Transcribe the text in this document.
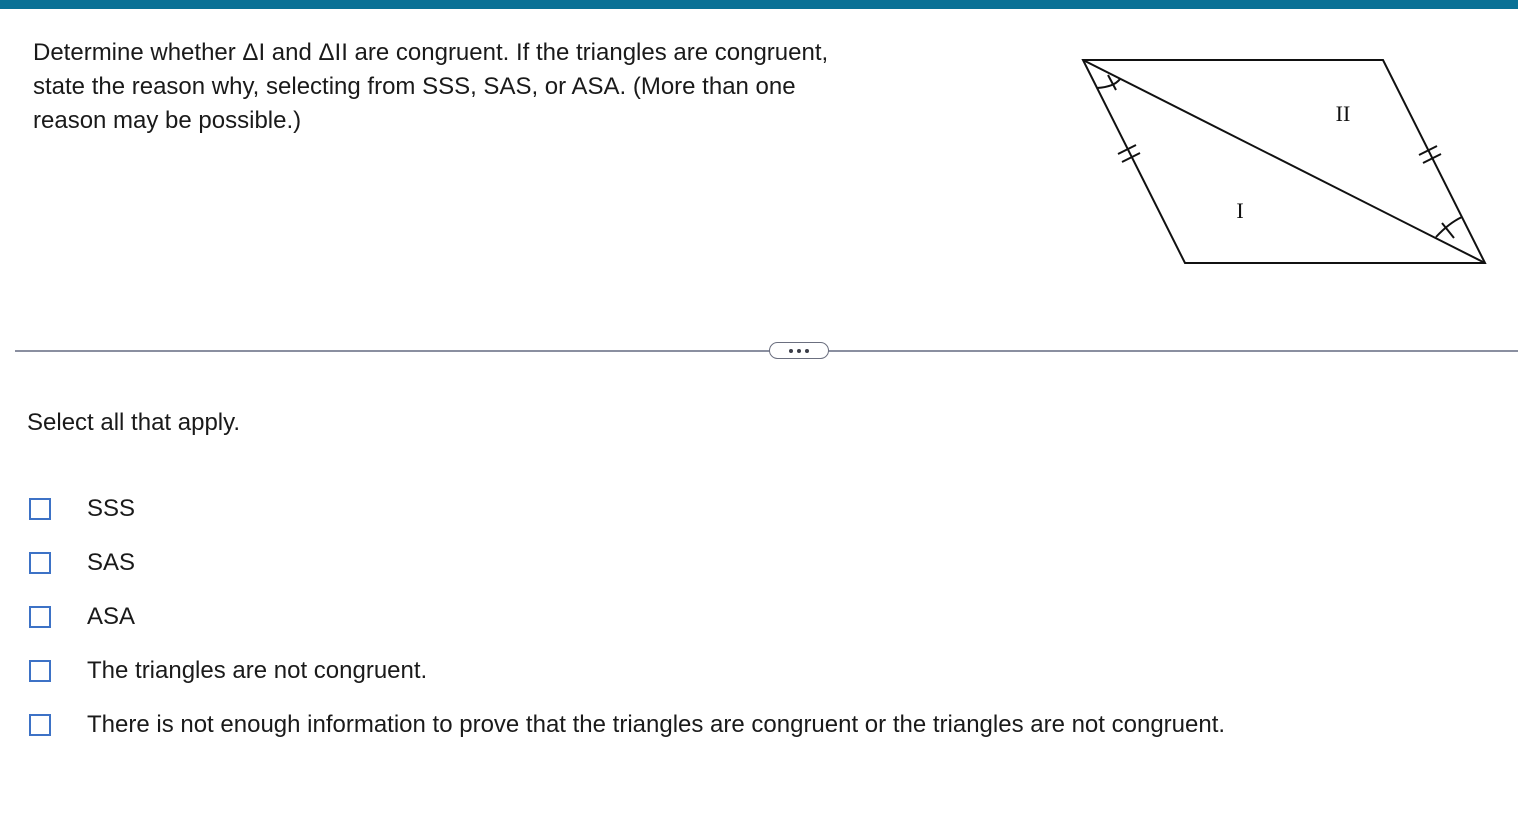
Determine whether ΔI and ΔII are congruent. If the triangles are congruent,

state the reason why, selecting from SSS, SAS, or ASA. (More than one

reason may be possible.)

I
II
Select all that apply.
SSS
SAS
ASA
The triangles are not congruent.
There is not enough information to prove that the triangles are congruent or the triangles are not congruent.
